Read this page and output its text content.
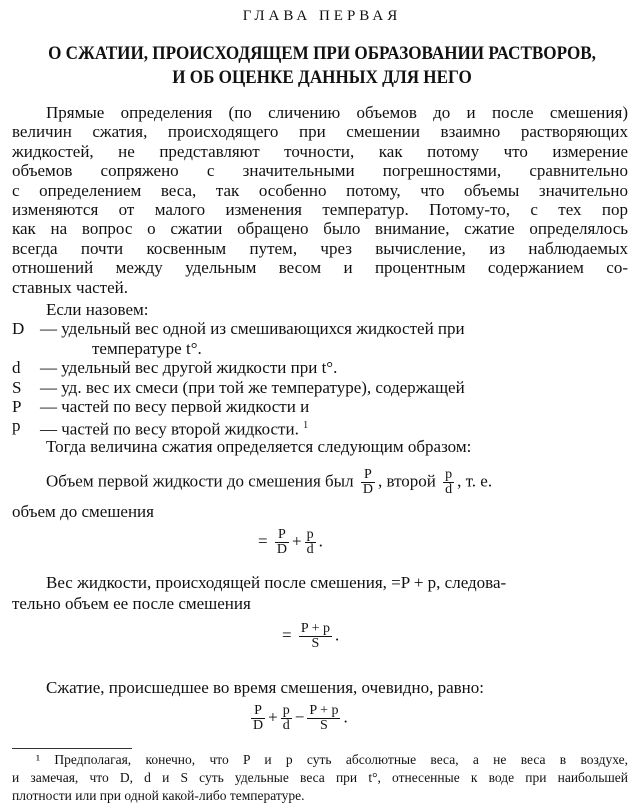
ГЛАВА ПЕРВАЯ
О СЖАТИИ, ПРОИСХОДЯЩЕМ ПРИ ОБРАЗОВАНИИ РАСТВОРОВ,
И ОБ ОЦЕНКЕ ДАННЫХ ДЛЯ НЕГО
Прямые определения (по сличению объемов до и после смешения)
величин сжатия, происходящего при смешении взаимно растворяющих
жидкостей, не представляют точности, как потому что измерение
объемов сопряжено с значительными погрешностями, сравнительно
с определением веса, так особенно потому, что объемы значительно
изменяются от малого изменения температур. Потому-то, с тех пор
как на вопрос о сжатии обращено было внимание, сжатие определялось
всегда почти косвенным путем, чрез вычисление, из наблюдаемых
отношений между удельным весом и процентным содержанием со-
ставных частей.
Если назовем:
D — удельный вес одной из смешивающихся жидкостей при
температуре t°.
d	— удельный вес другой жидкости при t°.
S	— уд. вес их смеси (при той же температуре), содержащей
P	— частей по весу первой жидкости и
p	— частей по весу второй жидкости. $^1$
Тогда величина сжатия определяется следующим образом:
Объем первой жидкости до смешения был $\frac{P}{D}$ , второй $\frac{p}{d}$ , т. е.
объем до смешения
= $\frac{P}{D} + \frac{p}{d}$ .
Вес жидкости, происходящей после смешения, =P + p, следова-
тельно объем ее после смешения
= $\frac{P + p}{S}$ .
Сжатие, происшедшее во время смешения, очевидно, равно:
$\frac{P}{D} + \frac{p}{d} - \frac{P + p}{S}$ .
¹ Предполагая, конечно, что P и p суть абсолютные веса, а не веса в воздухе,
и замечая, что D, d и S суть удельные веса при t°, отнесенные к воде при наибольшей
плотности или при одной какой-либо температуре.
